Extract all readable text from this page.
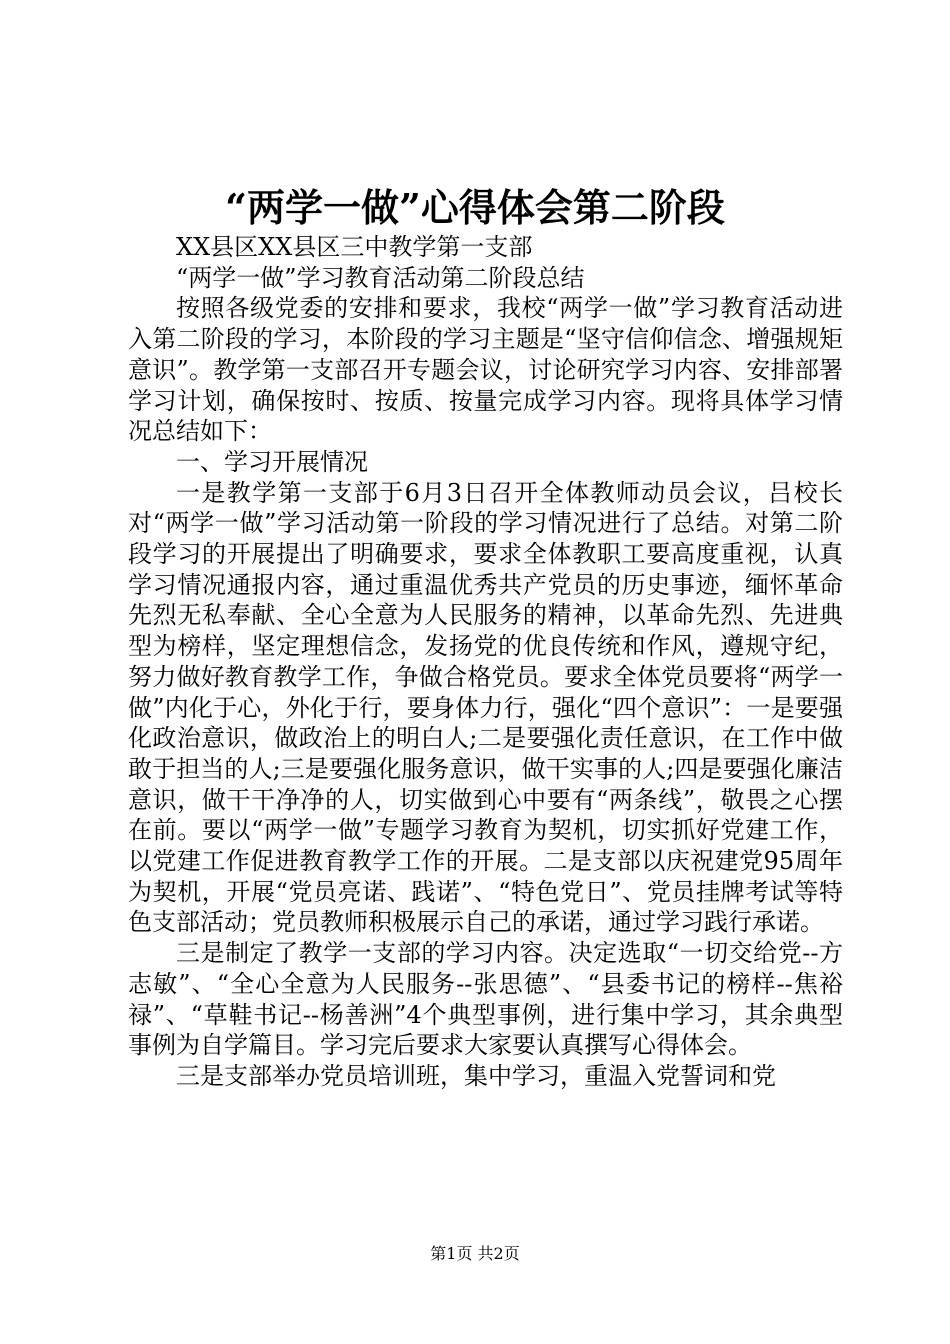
“两学一做”心得体会第二阶段

XX县区XX县区三中教学第一支部

“两学一做”学习教育活动第二阶段总结

按照各级党委的安排和要求，我校“两学一做”学习教育活动进入第二阶段的学习，本阶段的学习主题是“坚守信仰信念、增强规矩意识”。教学第一支部召开专题会议，讨论研究学习内容、安排部署学习计划，确保按时、按质、按量完成学习内容。现将具体学习情况总结如下：

一、学习开展情况

一是教学第一支部于6月3日召开全体教师动员会议，吕校长对“两学一做”学习活动第一阶段的学习情况进行了总结。对第二阶段学习的开展提出了明确要求，要求全体教职工要高度重视，认真学习情况通报内容，通过重温优秀共产党员的历史事迹，缅怀革命先烈无私奉献、全心全意为人民服务的精神，以革命先烈、先进典型为榜样，坚定理想信念，发扬党的优良传统和作风，遵规守纪，努力做好教育教学工作，争做合格党员。要求全体党员要将“两学一做”内化于心，外化于行，要身体力行，强化“四个意识”：一是要强化政治意识，做政治上的明白人;二是要强化责任意识，在工作中做敢于担当的人;三是要强化服务意识，做干实事的人;四是要强化廉洁意识，做干干净净的人，切实做到心中要有“两条线”，敬畏之心摆在前。要以“两学一做”专题学习教育为契机，切实抓好党建工作，以党建工作促进教育教学工作的开展。二是支部以庆祝建党95周年为契机，开展“党员亮诺、践诺”、“特色党日”、党员挂牌考试等特色支部活动；党员教师积极展示自己的承诺，通过学习践行承诺。

三是制定了教学一支部的学习内容。决定选取“一切交给党--方志敏”、“全心全意为人民服务--张思德”、“县委书记的榜样--焦裕禄”、“草鞋书记--杨善洲”4个典型事例，进行集中学习，其余典型事例为自学篇目。学习完后要求大家要认真撰写心得体会。

三是支部举办党员培训班，集中学习，重温入党誓词和党

第1页 共2页
